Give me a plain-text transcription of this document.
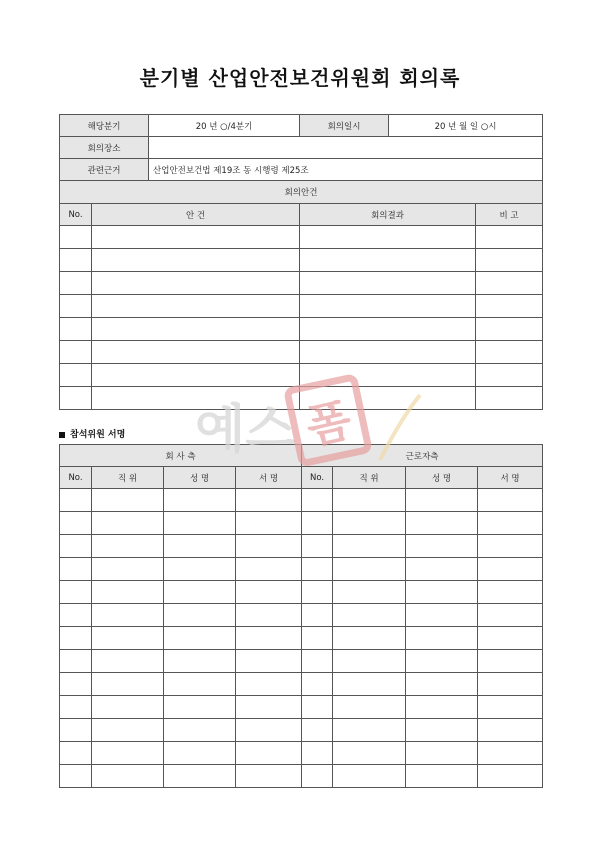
분기별 산업안전보건위원회 회의록
해당분기		20 년 ○/4분기	회의일시	20 년 월 일 ○시	
회의장소					
관련근거		산업안전보건법 제19조 동 시행령 제25조			
회의안건					
No.	안 건		회의결과		비 고

참석위원 서명
회 사 측				근로자측			
No.	직 위	성 명	서 명	No.	직 위	성 명	서 명

예스 폼
